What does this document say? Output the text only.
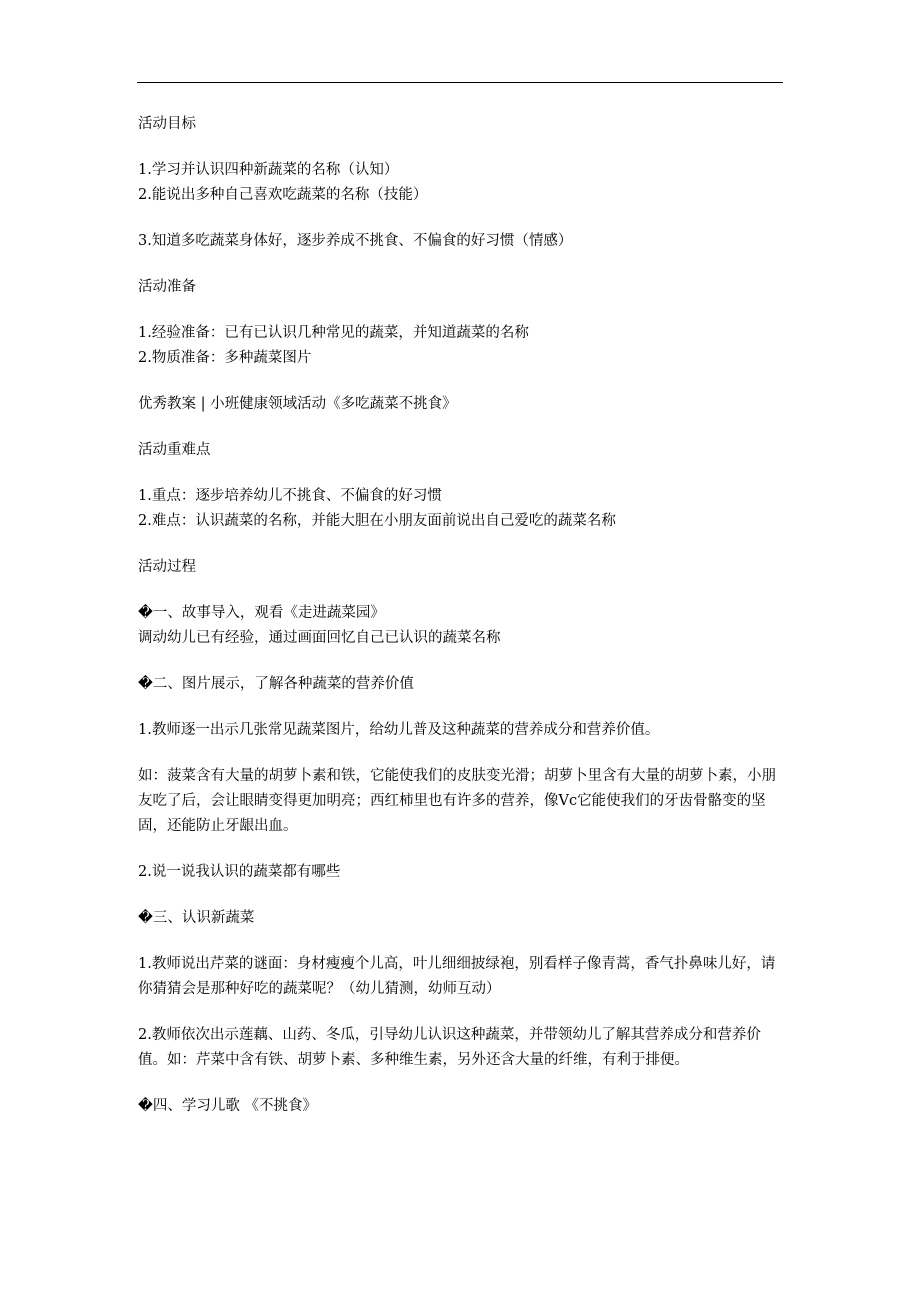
活动目标
1.学习并认识四种新蔬菜的名称（认知）
2.能说出多种自己喜欢吃蔬菜的名称（技能）
3.知道多吃蔬菜身体好，逐步养成不挑食、不偏食的好习惯（情感）
活动准备
1.经验准备：已有已认识几种常见的蔬菜，并知道蔬菜的名称
2.物质准备：多种蔬菜图片
优秀教案 | 小班健康领域活动《多吃蔬菜不挑食》
活动重难点
1.重点：逐步培养幼儿不挑食、不偏食的好习惯
2.难点：认识蔬菜的名称，并能大胆在小朋友面前说出自己爱吃的蔬菜名称
活动过程
�一、故事导入，观看《走进蔬菜园》
调动幼儿已有经验，通过画面回忆自己已认识的蔬菜名称
�二、图片展示，了解各种蔬菜的营养价值
1.教师逐一出示几张常见蔬菜图片，给幼儿普及这种蔬菜的营养成分和营养价值。
如：菠菜含有大量的胡萝卜素和铁，它能使我们的皮肤变光滑；胡萝卜里含有大量的胡萝卜素，小朋友吃了后，会让眼睛变得更加明亮；西红柿里也有许多的营养，像Vc它能使我们的牙齿骨骼变的坚固，还能防止牙龈出血。
2.说一说我认识的蔬菜都有哪些
�三、认识新蔬菜
1.教师说出芹菜的谜面：身材瘦瘦个儿高，叶儿细细披绿袍，别看样子像青蒿，香气扑鼻味儿好，请你猜猜会是那种好吃的蔬菜呢？（幼儿猜测，幼师互动）
2.教师依次出示莲藕、山药、冬瓜，引导幼儿认识这种蔬菜，并带领幼儿了解其营养成分和营养价值。如：芹菜中含有铁、胡萝卜素、多种维生素，另外还含大量的纤维，有利于排便。
�四、学习儿歌 《不挑食》
